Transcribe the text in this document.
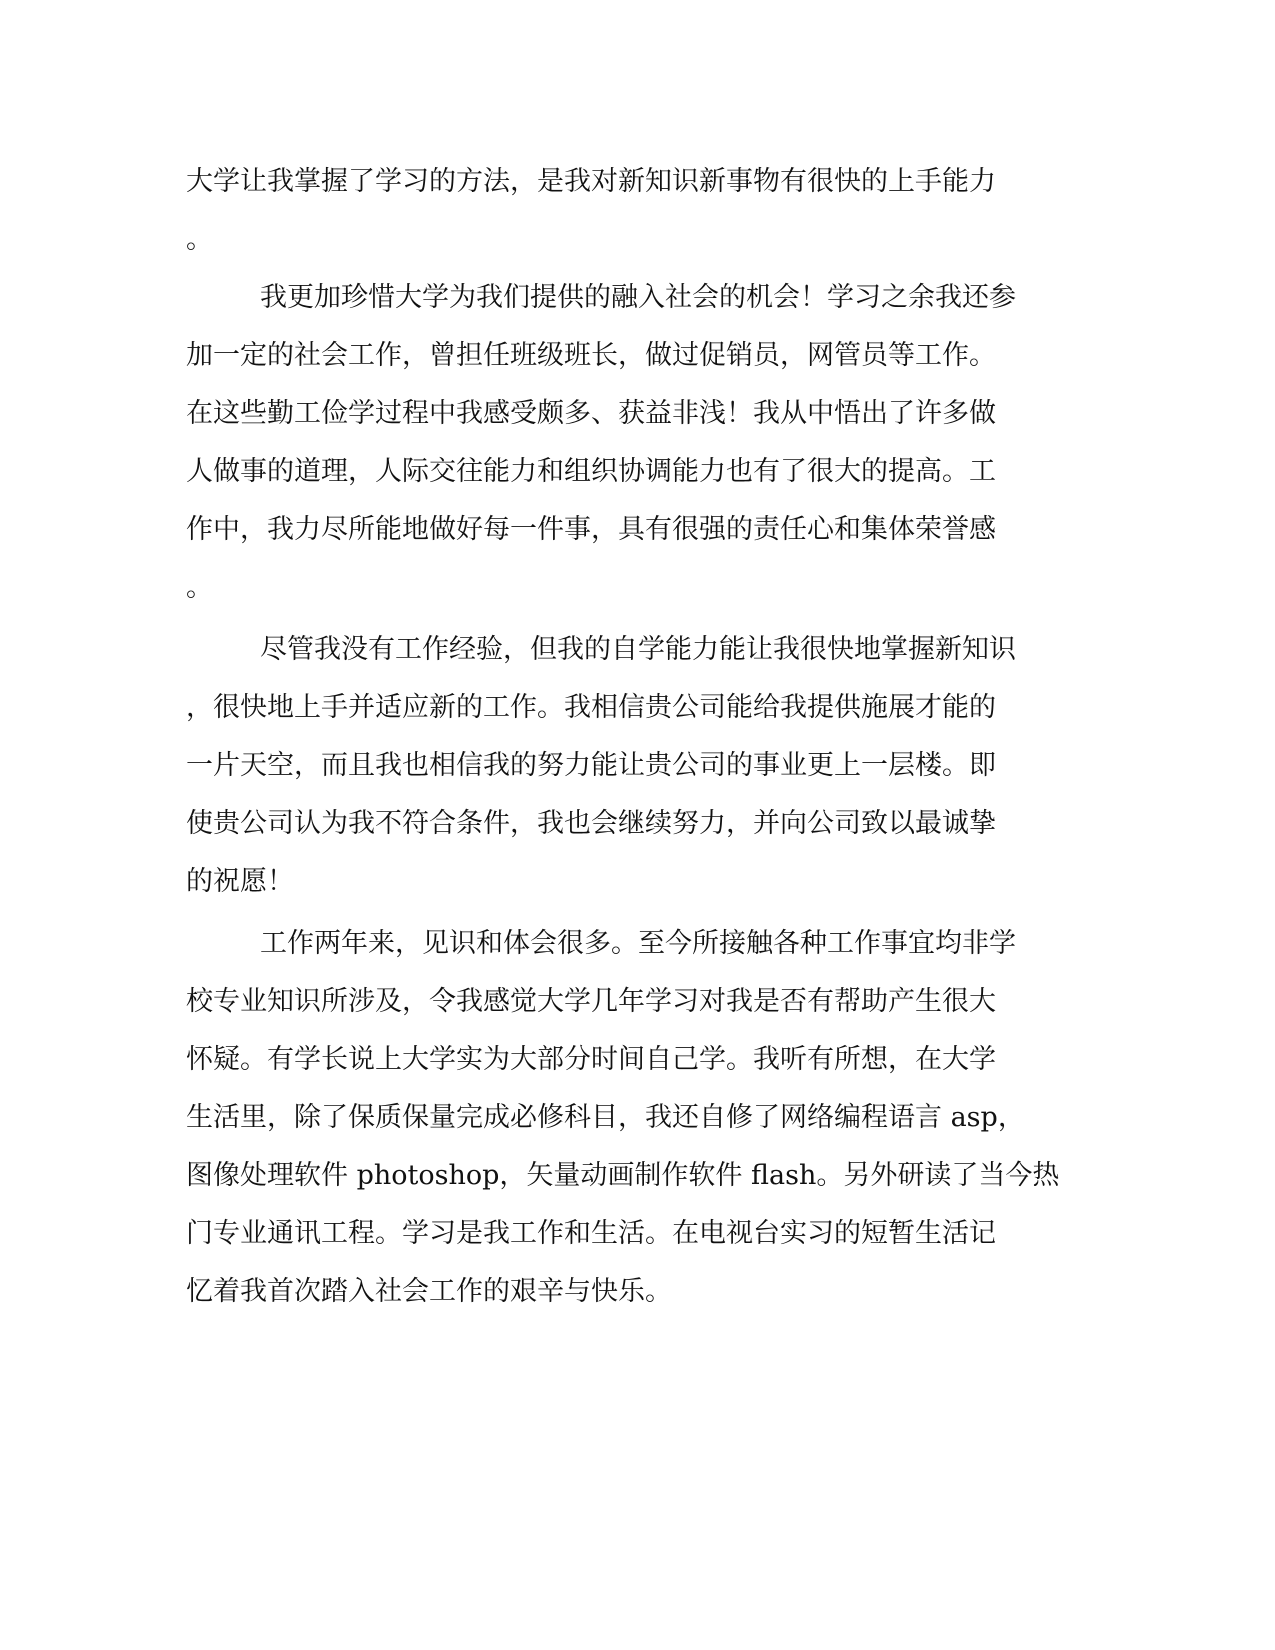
大学让我掌握了学习的方法，是我对新知识新事物有很快的上手能力
。
我更加珍惜大学为我们提供的融入社会的机会！学习之余我还参
加一定的社会工作，曾担任班级班长，做过促销员，网管员等工作。
在这些勤工俭学过程中我感受颇多、获益非浅！我从中悟出了许多做
人做事的道理，人际交往能力和组织协调能力也有了很大的提高。工
作中，我力尽所能地做好每一件事，具有很强的责任心和集体荣誉感
。
尽管我没有工作经验，但我的自学能力能让我很快地掌握新知识
，很快地上手并适应新的工作。我相信贵公司能给我提供施展才能的
一片天空，而且我也相信我的努力能让贵公司的事业更上一层楼。即
使贵公司认为我不符合条件，我也会继续努力，并向公司致以最诚挚
的祝愿！
工作两年来，见识和体会很多。至今所接触各种工作事宜均非学
校专业知识所涉及，令我感觉大学几年学习对我是否有帮助产生很大
怀疑。有学长说上大学实为大部分时间自己学。我听有所想，在大学
生活里，除了保质保量完成必修科目，我还自修了网络编程语言 asp，
图像处理软件 photoshop，矢量动画制作软件 flash。另外研读了当今热
门专业通讯工程。学习是我工作和生活。在电视台实习的短暂生活记
忆着我首次踏入社会工作的艰辛与快乐。
